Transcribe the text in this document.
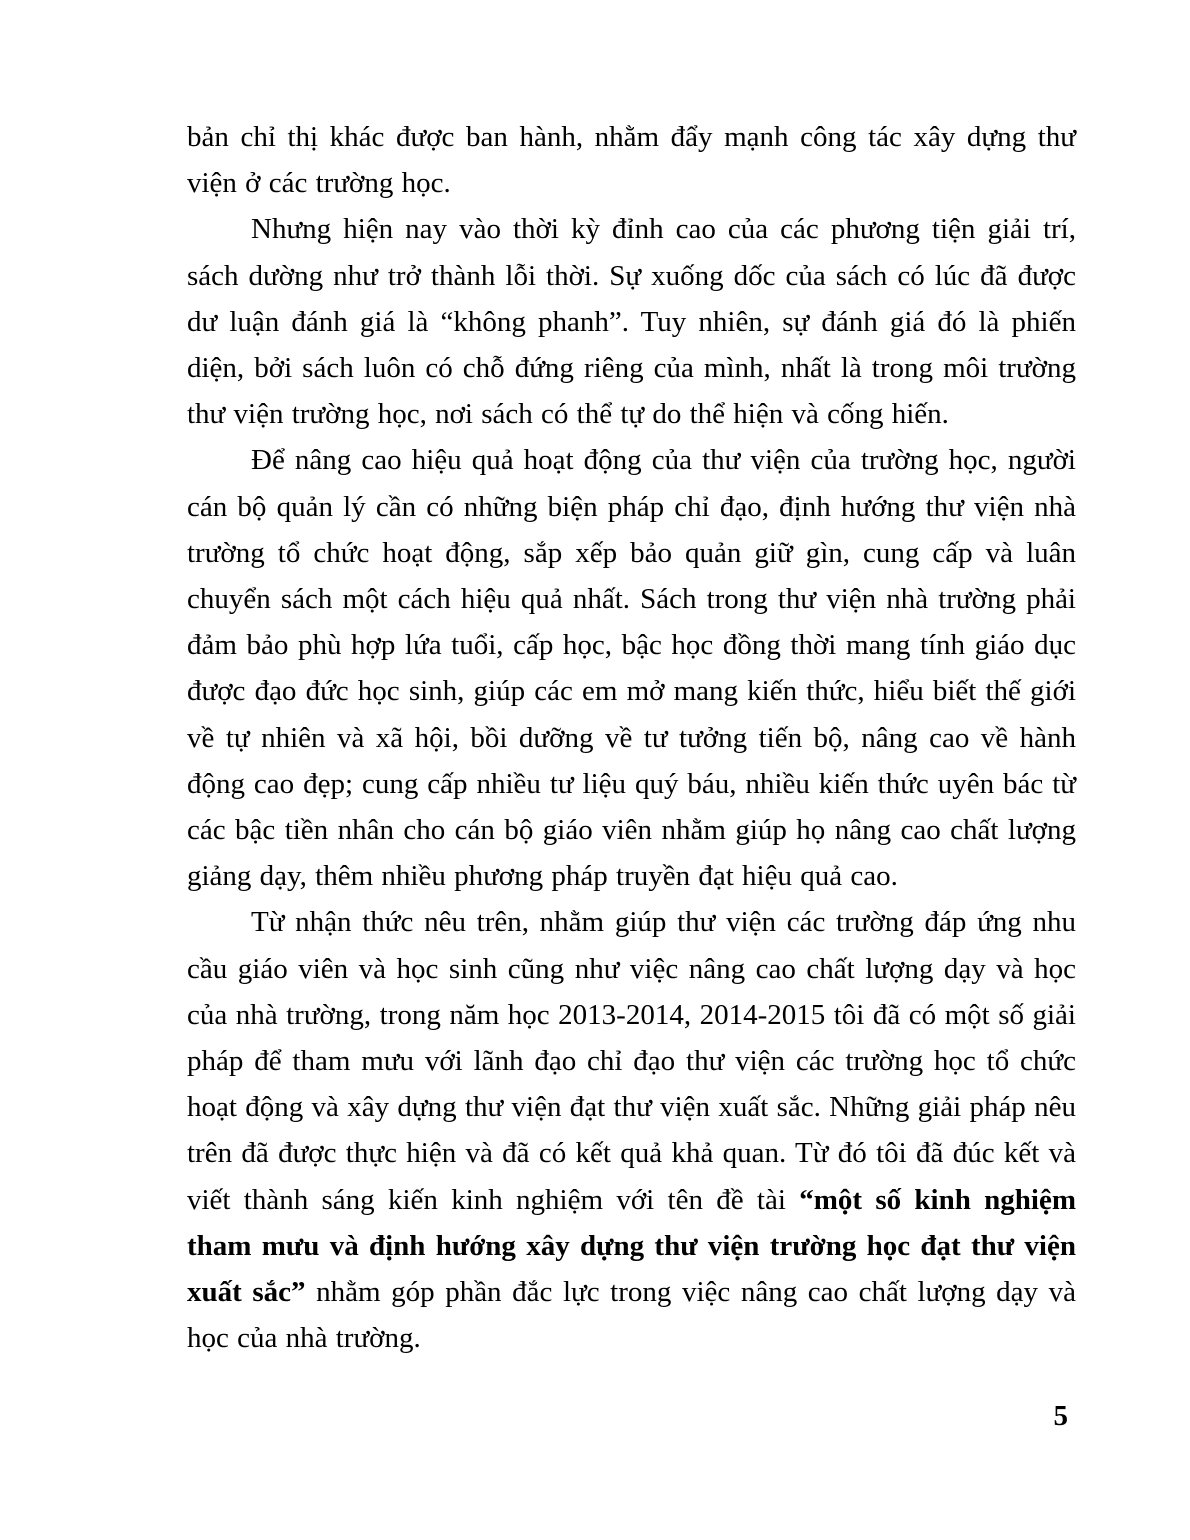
bản chỉ thị khác được ban hành, nhằm đẩy mạnh công tác xây dựng thư viện ở các trường học.

Nhưng hiện nay vào thời kỳ đỉnh cao của các phương tiện giải trí, sách dường như trở thành lỗi thời. Sự xuống dốc của sách có lúc đã được dư luận đánh giá là “không phanh”. Tuy nhiên, sự đánh giá đó là phiến diện, bởi sách luôn có chỗ đứng riêng của mình, nhất là trong môi trường thư viện trường học, nơi sách có thể tự do thể hiện và cống hiến.

Để nâng cao hiệu quả hoạt động của thư viện của trường học, người cán bộ quản lý cần có những biện pháp chỉ đạo, định hướng thư viện nhà trường tổ chức hoạt động, sắp xếp bảo quản giữ gìn, cung cấp và luân chuyển sách một cách hiệu quả nhất. Sách trong thư viện nhà trường phải đảm bảo phù hợp lứa tuổi, cấp học, bậc học đồng thời mang tính giáo dục được đạo đức học sinh, giúp các em mở mang kiến thức, hiểu biết thế giới về tự nhiên và xã hội, bồi dưỡng về tư tưởng tiến bộ, nâng cao về hành động cao đẹp; cung cấp nhiều tư liệu quý báu, nhiều kiến thức uyên bác từ các bậc tiền nhân cho cán bộ giáo viên nhằm giúp họ nâng cao chất lượng giảng dạy, thêm nhiều phương pháp truyền đạt hiệu quả cao.

Từ nhận thức nêu trên, nhằm giúp thư viện các trường đáp ứng nhu cầu giáo viên và học sinh cũng như việc nâng cao chất lượng dạy và học của nhà trường, trong năm học 2013-2014, 2014-2015 tôi đã có một số giải pháp để tham mưu với lãnh đạo chỉ đạo thư viện các trường học tổ chức hoạt động và xây dựng thư viện đạt thư viện xuất sắc. Những giải pháp nêu trên đã được thực hiện và đã có kết quả khả quan. Từ đó tôi đã đúc kết và viết thành sáng kiến kinh nghiệm với tên đề tài “một số kinh nghiệm tham mưu và định hướng xây dựng thư viện trường học đạt thư viện xuất sắc” nhằm góp phần đắc lực trong việc nâng cao chất lượng dạy và học của nhà trường.

5
